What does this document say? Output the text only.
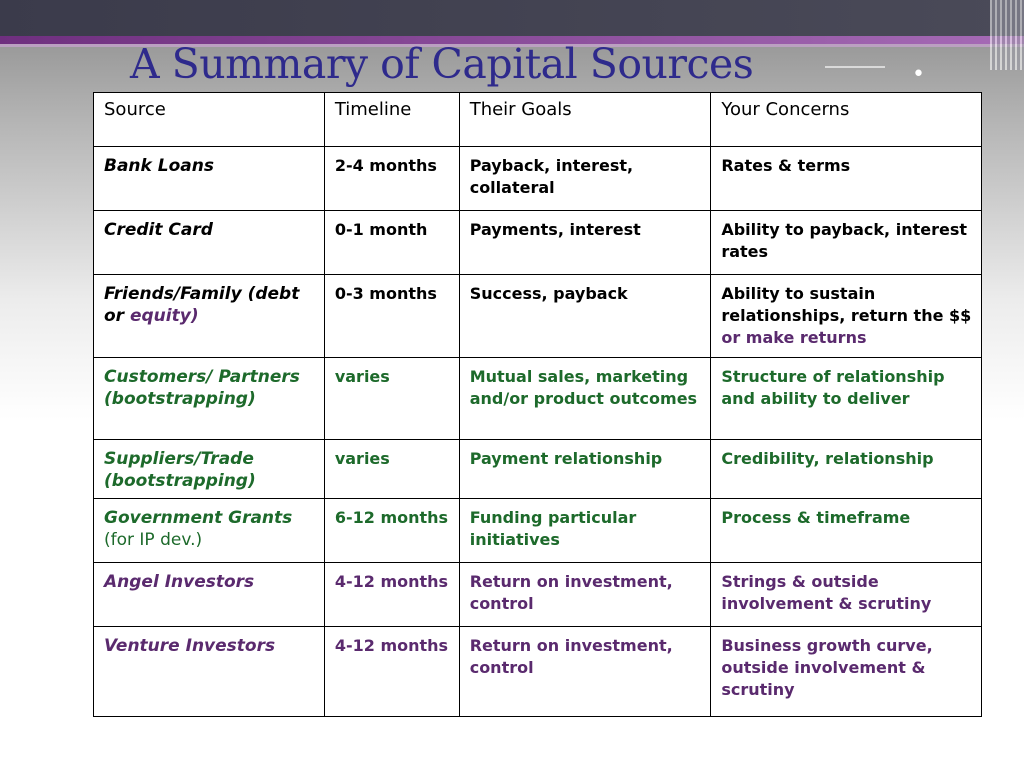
A Summary of Capital Sources	•
Source	Timeline	Their Goals	Your Concerns
Bank Loans	2-4 months	Payback, interest, collateral	Rates & terms
Credit Card	0-1 month	Payments, interest	Ability to payback, interest rates
Friends/Family (debt or equity)	0-3 months	Success, payback	Ability to sustain relationships, return the $$ or make returns
Customers/ Partners (bootstrapping)	varies	Mutual sales, marketing and/or product outcomes	Structure of relationship and ability to deliver
Suppliers/Trade (bootstrapping)	varies	Payment relationship	Credibility, relationship
Government Grants (for IP dev.)	6-12 months	Funding particular initiatives	Process & timeframe
Angel Investors	4-12 months	Return on investment, control	Strings & outside involvement & scrutiny
Venture Investors	4-12 months	Return on investment, control	Business growth curve, outside involvement & scrutiny
